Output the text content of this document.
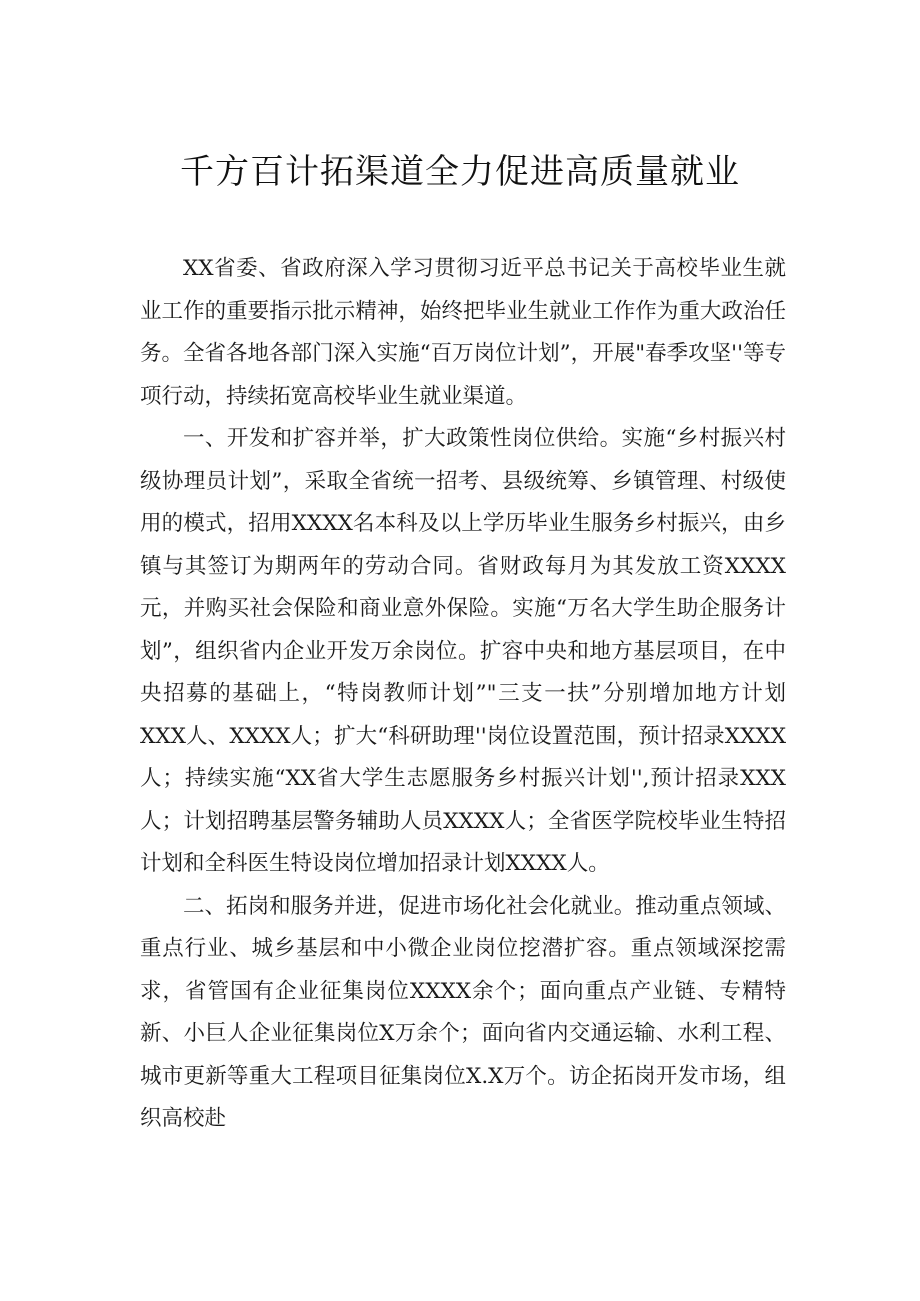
千方百计拓渠道全力促进高质量就业

XX省委、省政府深入学习贯彻习近平总书记关于高校毕业生就业工作的重要指示批示精神，始终把毕业生就业工作作为重大政治任务。全省各地各部门深入实施“百万岗位计划”，开展"春季攻坚''等专项行动，持续拓宽高校毕业生就业渠道。

一、开发和扩容并举，扩大政策性岗位供给。实施“乡村振兴村级协理员计划”，采取全省统一招考、县级统筹、乡镇管理、村级使用的模式，招用XXXX名本科及以上学历毕业生服务乡村振兴，由乡镇与其签订为期两年的劳动合同。省财政每月为其发放工资XXXX元，并购买社会保险和商业意外保险。实施“万名大学生助企服务计划”，组织省内企业开发万余岗位。扩容中央和地方基层项目，在中央招募的基础上，“特岗教师计划”"三支一扶”分别增加地方计划XXX人、XXXX人；扩大“科研助理''岗位设置范围，预计招录XXXX人；持续实施“XX省大学生志愿服务乡村振兴计划'',预计招录XXX人；计划招聘基层警务辅助人员XXXX人；全省医学院校毕业生特招计划和全科医生特设岗位增加招录计划XXXX人。

二、拓岗和服务并进，促进市场化社会化就业。推动重点领域、重点行业、城乡基层和中小微企业岗位挖潜扩容。重点领域深挖需求，省管国有企业征集岗位XXXX余个；面向重点产业链、专精特新、小巨人企业征集岗位X万余个；面向省内交通运输、水利工程、城市更新等重大工程项目征集岗位X.X万个。访企拓岗开发市场，组织高校赴
